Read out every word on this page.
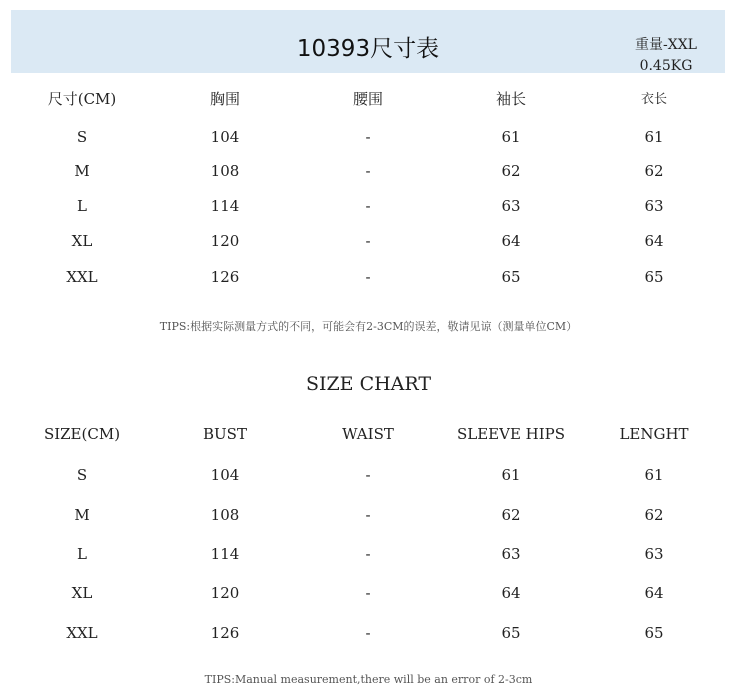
10393尺寸表	重量-XXL
0.45KG
尺寸(CM)	胸围	腰围	袖长	衣长
S	104	-	61	61
M	108	-	62	62
L	114	-	63	63
XL	120	-	64	64
XXL	126	-	65	65
TIPS:根据实际测量方式的不同，可能会有2-3CM的误差，敬请见谅（测量单位CM）
SIZE CHART
SIZE(CM)	BUST	WAIST	SLEEVE HIPS	LENGHT
S	104	-	61	61
M	108	-	62	62
L	114	-	63	63
XL	120	-	64	64
XXL	126	-	65	65
TIPS:Manual measurement,there will be an error of 2-3cm
